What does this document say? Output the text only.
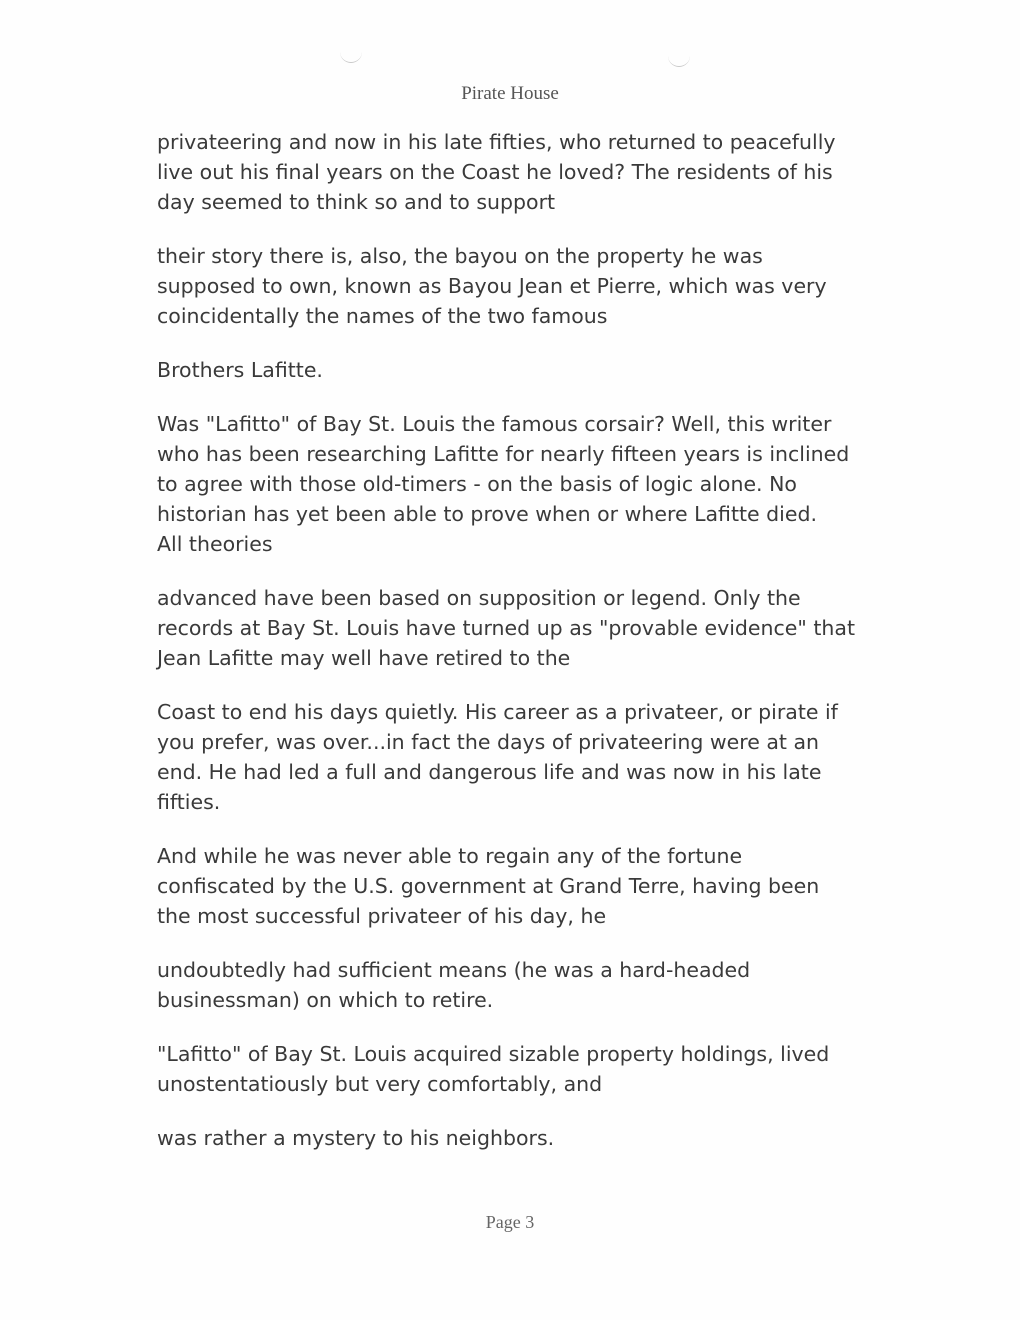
Pirate House

privateering and now in his late fifties, who returned to peacefully
live out his final years on the Coast he loved? The residents of his
day seemed to think so and to support

their story there is, also, the bayou on the property he was
supposed to own, known as Bayou Jean et Pierre, which was very
coincidentally the names of the two famous

Brothers Lafitte.

Was "Lafitto" of Bay St. Louis the famous corsair? Well, this writer
who has been researching Lafitte for nearly fifteen years is inclined
to agree with those old-timers - on the basis of logic alone. No
historian has yet been able to prove when or where Lafitte died.
All theories

advanced have been based on supposition or legend. Only the
records at Bay St. Louis have turned up as "provable evidence" that
Jean Lafitte may well have retired to the

Coast to end his days quietly. His career as a privateer, or pirate if
you prefer, was over...in fact the days of privateering were at an
end. He had led a full and dangerous life and was now in his late
fifties.

And while he was never able to regain any of the fortune
confiscated by the U.S. government at Grand Terre, having been
the most successful privateer of his day, he

undoubtedly had sufficient means (he was a hard-headed
businessman) on which to retire.

"Lafitto" of Bay St. Louis acquired sizable property holdings, lived
unostentatiously but very comfortably, and

was rather a mystery to his neighbors.

Page 3
